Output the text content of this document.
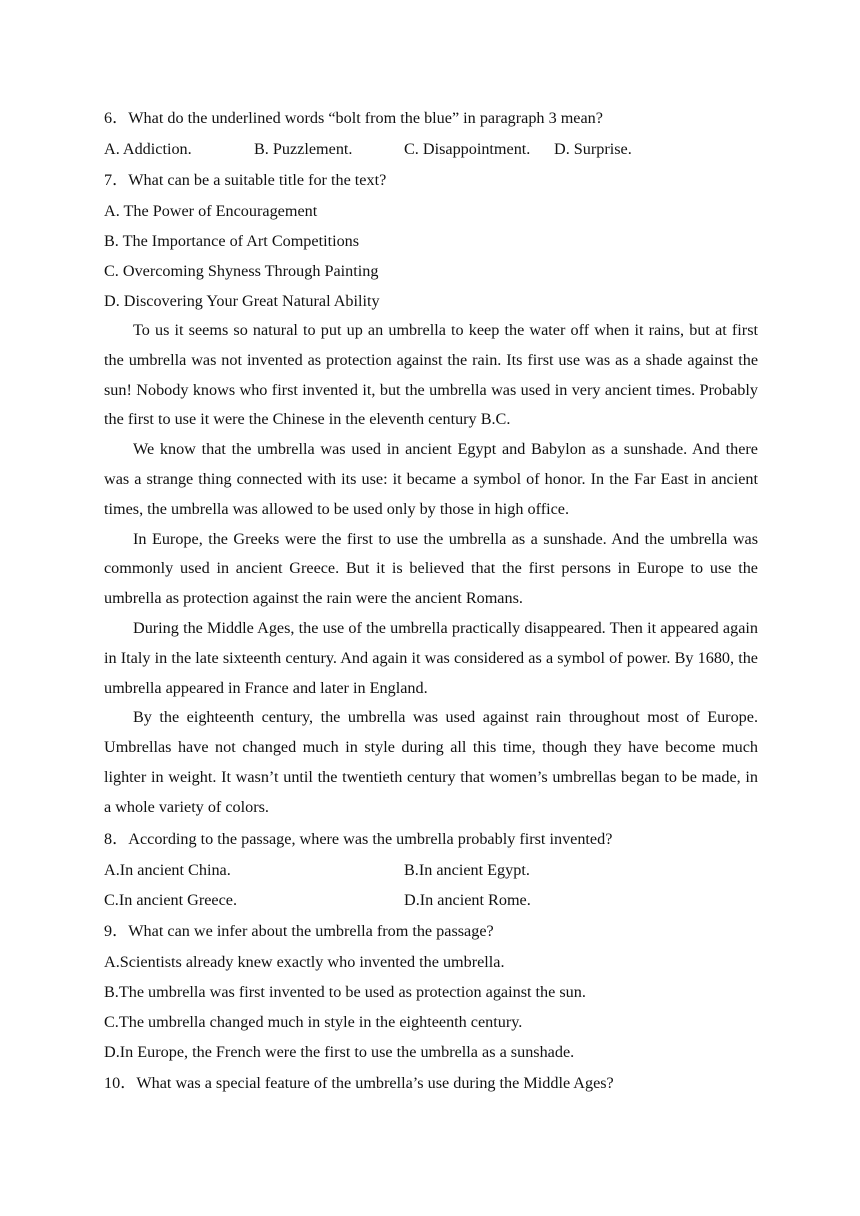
6．What do the underlined words “bolt from the blue” in paragraph 3 mean?
A. Addiction.	B. Puzzlement.	C. Disappointment. D. Surprise.
7．What can be a suitable title for the text?
A. The Power of Encouragement
B. The Importance of Art Competitions
C. Overcoming Shyness Through Painting
D. Discovering Your Great Natural Ability

To us it seems so natural to put up an umbrella to keep the water off when it rains, but at first the umbrella was not invented as protection against the rain. Its first use was as a shade against the sun! Nobody knows who first invented it, but the umbrella was used in very ancient times. Probably the first to use it were the Chinese in the eleventh century B.C.

We know that the umbrella was used in ancient Egypt and Babylon as a sunshade. And there was a strange thing connected with its use: it became a symbol of honor. In the Far East in ancient times, the umbrella was allowed to be used only by those in high office.

In Europe, the Greeks were the first to use the umbrella as a sunshade. And the umbrella was commonly used in ancient Greece. But it is believed that the first persons in Europe to use the umbrella as protection against the rain were the ancient Romans.

During the Middle Ages, the use of the umbrella practically disappeared. Then it appeared again in Italy in the late sixteenth century. And again it was considered as a symbol of power. By 1680, the umbrella appeared in France and later in England.

By the eighteenth century, the umbrella was used against rain throughout most of Europe. Umbrellas have not changed much in style during all this time, though they have become much lighter in weight. It wasn’t until the twentieth century that women’s umbrellas began to be made, in a whole variety of colors.

8．According to the passage, where was the umbrella probably first invented?
A.In ancient China.	B.In ancient Egypt.
C.In ancient Greece.	D.In ancient Rome.
9．What can we infer about the umbrella from the passage?
A.Scientists already knew exactly who invented the umbrella.
B.The umbrella was first invented to be used as protection against the sun.
C.The umbrella changed much in style in the eighteenth century.
D.In Europe, the French were the first to use the umbrella as a sunshade.
10．What was a special feature of the umbrella’s use during the Middle Ages?
